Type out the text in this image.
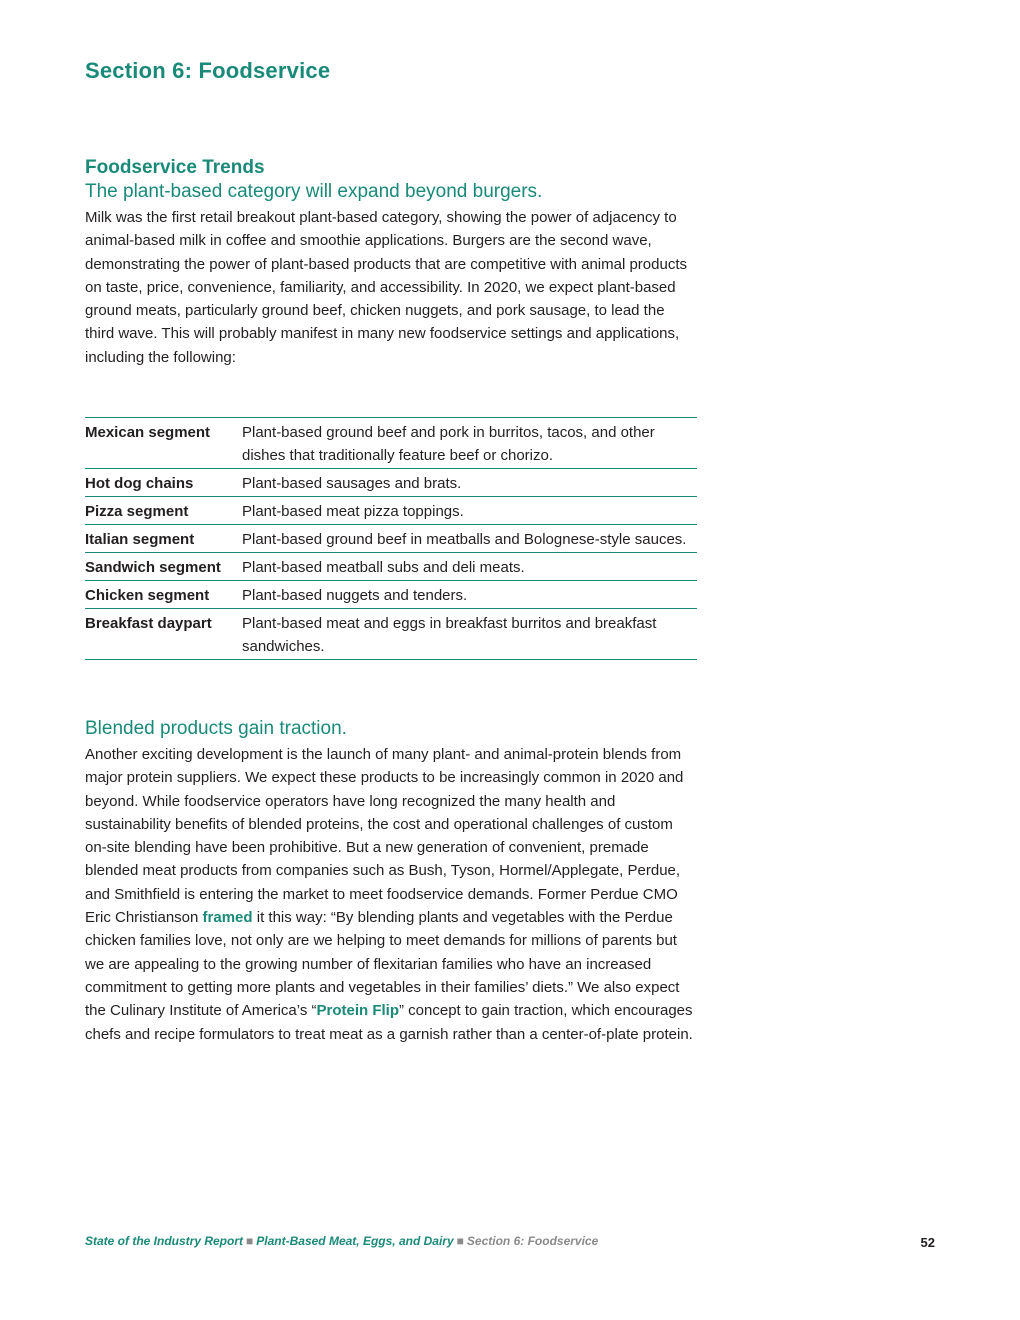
Section 6: Foodservice
Foodservice Trends
The plant-based category will expand beyond burgers.

Milk was the first retail breakout plant-based category, showing the power of adjacency to animal-based milk in coffee and smoothie applications. Burgers are the second wave, demonstrating the power of plant-based products that are competitive with animal products on taste, price, convenience, familiarity, and accessibility. In 2020, we expect plant-based ground meats, particularly ground beef, chicken nuggets, and pork sausage, to lead the third wave. This will probably manifest in many new foodservice settings and applications, including the following:

Mexican segment	Plant-based ground beef and pork in burritos, tacos, and other dishes that traditionally feature beef or chorizo.
Hot dog chains	Plant-based sausages and brats.
Pizza segment	Plant-based meat pizza toppings.
Italian segment	Plant-based ground beef in meatballs and Bolognese-style sauces.
Sandwich segment	Plant-based meatball subs and deli meats.
Chicken segment	Plant-based nuggets and tenders.
Breakfast daypart	Plant-based meat and eggs in breakfast burritos and breakfast sandwiches.
Blended products gain traction.

Another exciting development is the launch of many plant- and animal-protein blends from major protein suppliers. We expect these products to be increasingly common in 2020 and beyond. While foodservice operators have long recognized the many health and sustainability benefits of blended proteins, the cost and operational challenges of custom on-site blending have been prohibitive. But a new generation of convenient, premade blended meat products from companies such as Bush, Tyson, Hormel/Applegate, Perdue, and Smithfield is entering the market to meet foodservice demands. Former Perdue CMO Eric Christianson framed it this way: “By blending plants and vegetables with the Perdue chicken families love, not only are we helping to meet demands for millions of parents but we are appealing to the growing number of flexitarian families who have an increased commitment to getting more plants and vegetables in their families’ diets.” We also expect the Culinary Institute of America’s “Protein Flip” concept to gain traction, which encourages chefs and recipe formulators to treat meat as a garnish rather than a center-of-plate protein.

State of the Industry Report ■ Plant-Based Meat, Eggs, and Dairy ■ Section 6: Foodservice	52
